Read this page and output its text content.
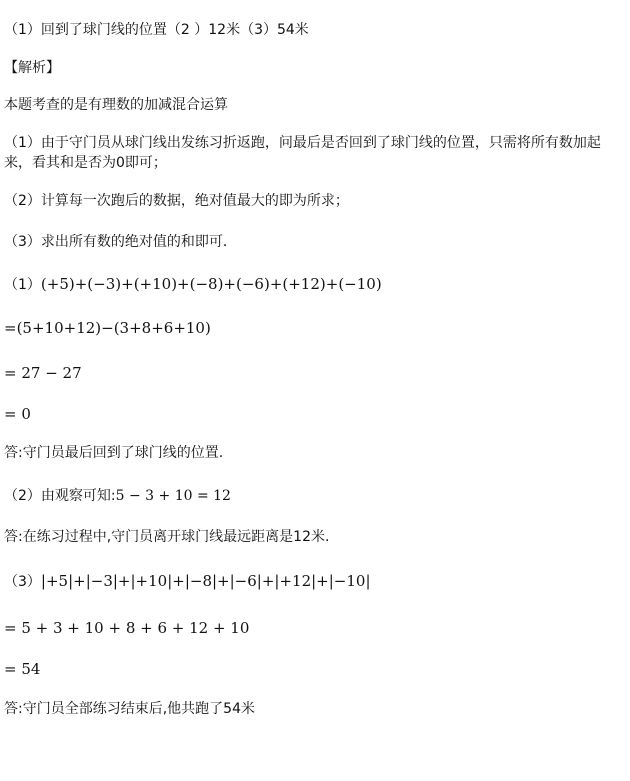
（1）回到了球门线的位置（2 ）12米（3）54米
【解析】
本题考查的是有理数的加减混合运算
（1）由于守门员从球门线出发练习折返跑，问最后是否回到了球门线的位置，只需将所有数加起来，看其和是否为0即可；
（2）计算每一次跑后的数据，绝对值最大的即为所求；
（3）求出所有数的绝对值的和即可．
（1）(+5)+(−3)+(+10)+(−8)+(−6)+(+12)+(−10)
=(5+10+12)−(3+8+6+10)
= 27 − 27
= 0
答:守门员最后回到了球门线的位置.
（2）由观察可知:5 − 3 + 10 = 12
答:在练习过程中,守门员离开球门线最远距离是12米.
（3）|+5|+|−3|+|+10|+|−8|+|−6|+|+12|+|−10|
= 5 + 3 + 10 + 8 + 6 + 12 + 10
= 54
答:守门员全部练习结束后,他共跑了54米
